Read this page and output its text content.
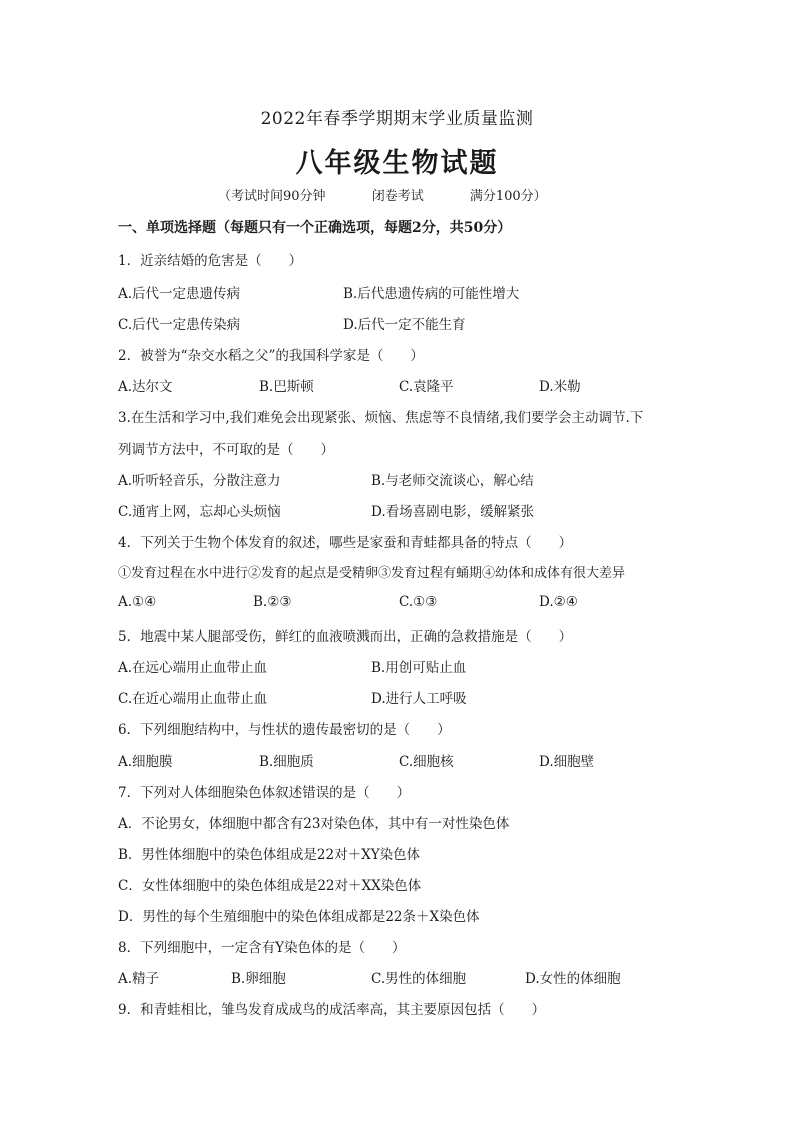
2022年春季学期期末学业质量监测
八年级生物试题
（考试时间90分钟	闭卷考试	满分100分）
一、单项选择题（每题只有一个正确选项，每题2分，共50分）
1．近亲结婚的危害是（　　）
A.后代一定患遗传病	B.后代患遗传病的可能性增大
C.后代一定患传染病	D.后代一定不能生育
2．被誉为“杂交水稻之父”的我国科学家是（　　）
A.达尔文	B.巴斯顿	C.袁隆平	D.米勒
3.在生活和学习中,我们难免会出现紧张、烦恼、焦虑等不良情绪,我们要学会主动调节.下
列调节方法中，不可取的是（　　）
A.听听轻音乐，分散注意力	B.与老师交流谈心，解心结
C.通宵上网，忘却心头烦恼	D.看场喜剧电影，缓解紧张
4．下列关于生物个体发育的叙述，哪些是家蚕和青蛙都具备的特点（　　）
①发育过程在水中进行②发育的起点是受精卵③发育过程有蛹期④幼体和成体有很大差异
A.①④	B.②③	C.①③	D.②④
5．地震中某人腿部受伤，鲜红的血液喷溅而出，正确的急救措施是（　　）
A.在远心端用止血带止血	B.用创可贴止血
C.在近心端用止血带止血	D.进行人工呼吸
6．下列细胞结构中，与性状的遗传最密切的是（　　）
A.细胞膜	B.细胞质	C.细胞核	D.细胞壁
7．下列对人体细胞染色体叙述错误的是（　　）
A．不论男女，体细胞中都含有23对染色体，其中有一对性染色体
B．男性体细胞中的染色体组成是22对＋XY染色体
C．女性体细胞中的染色体组成是22对＋XX染色体
D．男性的每个生殖细胞中的染色体组成都是22条＋X染色体
8．下列细胞中，一定含有Y染色体的是（　　）
A.精子	B.卵细胞	C.男性的体细胞	D.女性的体细胞
9．和青蛙相比，雏鸟发育成成鸟的成活率高，其主要原因包括（　　）
